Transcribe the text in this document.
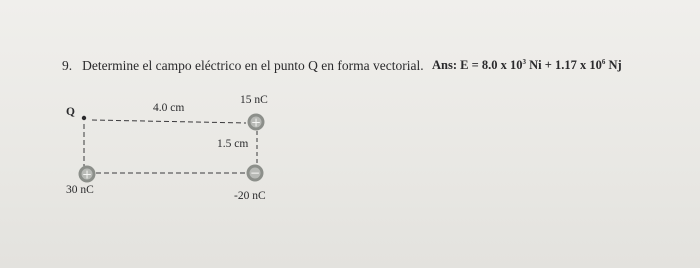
9. Determine el campo eléctrico en el punto Q en forma vectorial. Ans: E = 8.0 x $10^3$ Ni + 1.17 x $10^6$ Nj
+
+	−
Q	4.0 cm
15 nC
1.5 cm
30 nC	-20 nC
